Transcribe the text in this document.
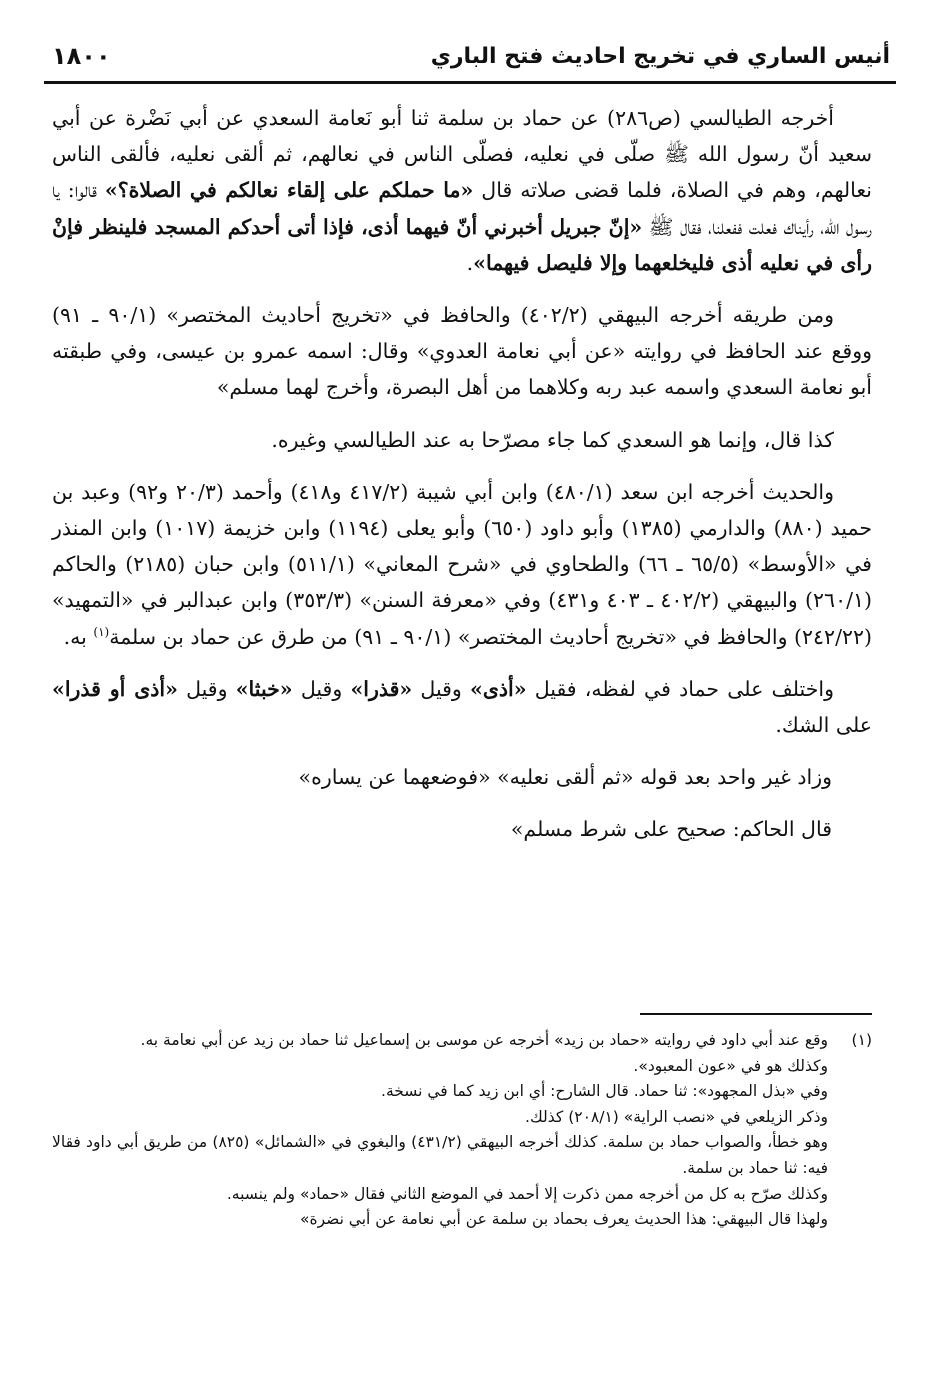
أنيس الساري في تخريج احاديث فتح الباري
١٨٠٠

أخرجه الطيالسي (ص٢٨٦) عن حماد بن سلمة ثنا أبو نَعامة السعدي عن أبي نَضْرة عن أبي سعيد أنّ رسول الله ﷺ صلّى في نعليه، فصلّى الناس في نعالهم، ثم ألقى نعليه، فألقى الناس نعالهم، وهم في الصلاة، فلما قضى صلاته قال «ما حملكم على إلقاء نعالكم في الصلاة؟» قالوا: يا رسول الله، رأيناك فعلت ففعلنا، فقال ﷺ «إنّ جبريل أخبرني أنّ فيهما أذى، فإذا أتى أحدكم المسجد فلينظر فإنْ رأى في نعليه أذى فليخلعهما وإلا فليصل فيهما».

ومن طريقه أخرجه البيهقي (٤٠٢/٢) والحافظ في «تخريج أحاديث المختصر» (٩٠/١ ـ ٩١) ووقع عند الحافظ في روايته «عن أبي نعامة العدوي» وقال: اسمه عمرو بن عيسى، وفي طبقته أبو نعامة السعدي واسمه عبد ربه وكلاهما من أهل البصرة، وأخرج لهما مسلم»

كذا قال، وإنما هو السعدي كما جاء مصرّحا به عند الطيالسي وغيره.

والحديث أخرجه ابن سعد (٤٨٠/١) وابن أبي شيبة (٤١٧/٢ و٤١٨) وأحمد (٢٠/٣ و٩٢) وعبد بن حميد (٨٨٠) والدارمي (١٣٨٥) وأبو داود (٦٥٠) وأبو يعلى (١١٩٤) وابن خزيمة (١٠١٧) وابن المنذر في «الأوسط» (٦٥/٥ ـ ٦٦) والطحاوي في «شرح المعاني» (٥١١/١) وابن حبان (٢١٨٥) والحاكم (٢٦٠/١) والبيهقي (٤٠٢/٢ ـ ٤٠٣ و٤٣١) وفي «معرفة السنن» (٣٥٣/٣) وابن عبدالبر في «التمهيد» (٢٤٢/٢٢) والحافظ في «تخريج أحاديث المختصر» (٩٠/١ ـ ٩١) من طرق عن حماد بن سلمة$^{(١)}$ به.

واختلف على حماد في لفظه، فقيل «أذى» وقيل «قذرا» وقيل «خبثا» وقيل «أذى أو قذرا» على الشك.

وزاد غير واحد بعد قوله «ثم ألقى نعليه» «فوضعهما عن يساره»

قال الحاكم: صحيح على شرط مسلم»

(١)
وقع عند أبي داود في روايته «حماد بن زيد» أخرجه عن موسى بن إسماعيل ثنا حماد بن زيد عن أبي نعامة به.
وكذلك هو في «عون المعبود».
وفي «بذل المجهود»: ثنا حماد. قال الشارح: أي ابن زيد كما في نسخة.
وذكر الزيلعي في «نصب الراية» (٢٠٨/١) كذلك.
وهو خطأ، والصواب حماد بن سلمة. كذلك أخرجه البيهقي (٤٣١/٢) والبغوي في «الشمائل» (٨٢٥) من طريق أبي داود فقالا فيه: ثنا حماد بن سلمة.
وكذلك صرّح به كل من أخرجه ممن ذكرت إلا أحمد في الموضع الثاني فقال «حماد» ولم ينسبه.
ولهذا قال البيهقي: هذا الحديث يعرف بحماد بن سلمة عن أبي نعامة عن أبي نضرة»
